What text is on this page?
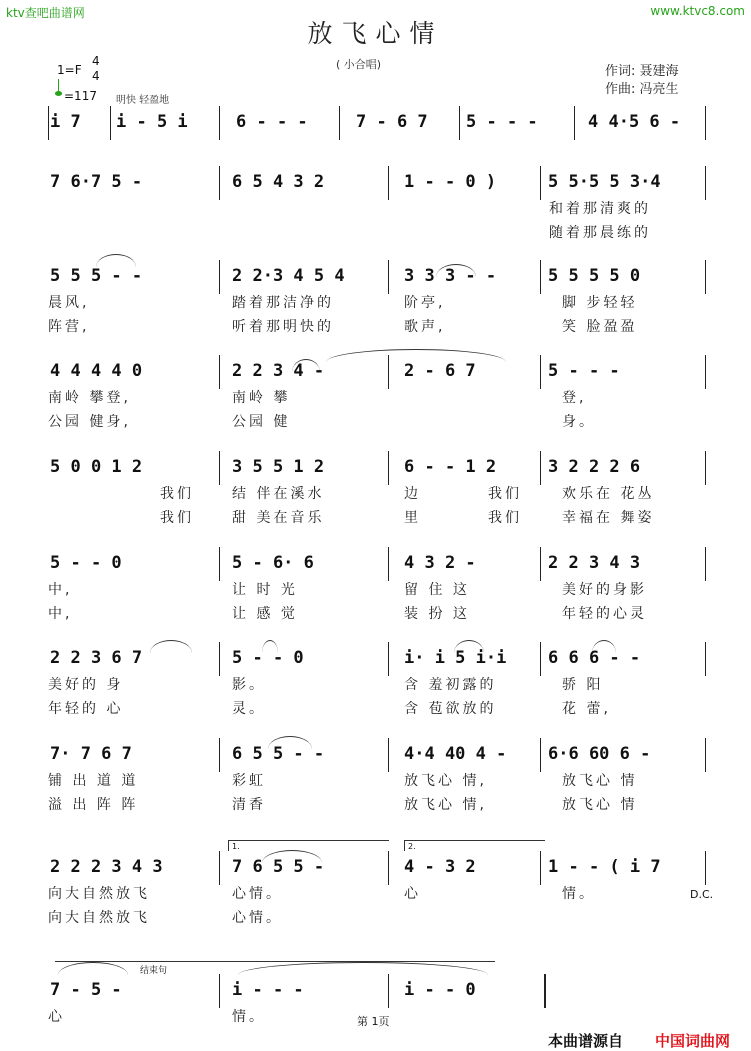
ktv查吧曲谱网	www.ktvc8.com
放飞心情
( 小合唱)	作词: 聂建海
作曲: 冯亮生
1=F
4
4
=117 明快 轻盈地
i 7 i - 5 i	6 - - -	7 - 6 7 5 - - -	4 4·5 6 -
7 6·7 5 -	6 5 4 3 2	1 - - 0 )	5 5·5 5 3·4
5 5 5 - -	2 2·3 4 5 4	3 3 3 - -	5 5 5 5 0
4 4 4 4 0	2 2 3 4 -	2 - 6 7	5 - - -
5 0 0 1 2	3 5 5 1 2	6 - - 1 2	3 2 2 2 6
5 - - 0	5 - 6· 6	4 3 2 -	2 2 3 4 3
2 2 3 6 7	5 - - 0	i· i 5 i·i 6 6 6 - -
7· 7 6 7	6 5 5 - -	4·4 40 4 - 6·6 60 6 -
2 2 2 3 4 3	7 6 5 5 -	4 - 3 2	1 - - ( i 7
7 - 5 -	i - - -	i - - 0
和着那清爽的
随着那晨练的
晨风,	踏着那洁净的	阶亭,	脚 步轻轻
阵营,	听着那明快的	歌声,	笑 脸盈盈
南岭 攀登,	南岭 攀	登,
公园 健身,	公园 健	身。
我们	结 伴在溪水	边	我们	欢乐在 花丛
我们	甜 美在音乐	里	我们	幸福在 舞姿
中,	让 时 光	留 住 这	美好的身影
中,	让 感 觉	装 扮 这	年轻的心灵
美好的 身	影。	含 羞初露的	骄 阳
年轻的 心	灵。	含 苞欲放的	花 蕾,
铺 出 道 道	彩虹	放飞心 情,	放飞心 情
溢 出 阵 阵	清香	放飞心 情,	放飞心 情
向大自然放飞	心情。	心	情。
向大自然放飞	心情。
心	情。
1.	2.
D.C.
结束句
第 1页
本曲谱源自 中国词曲网
